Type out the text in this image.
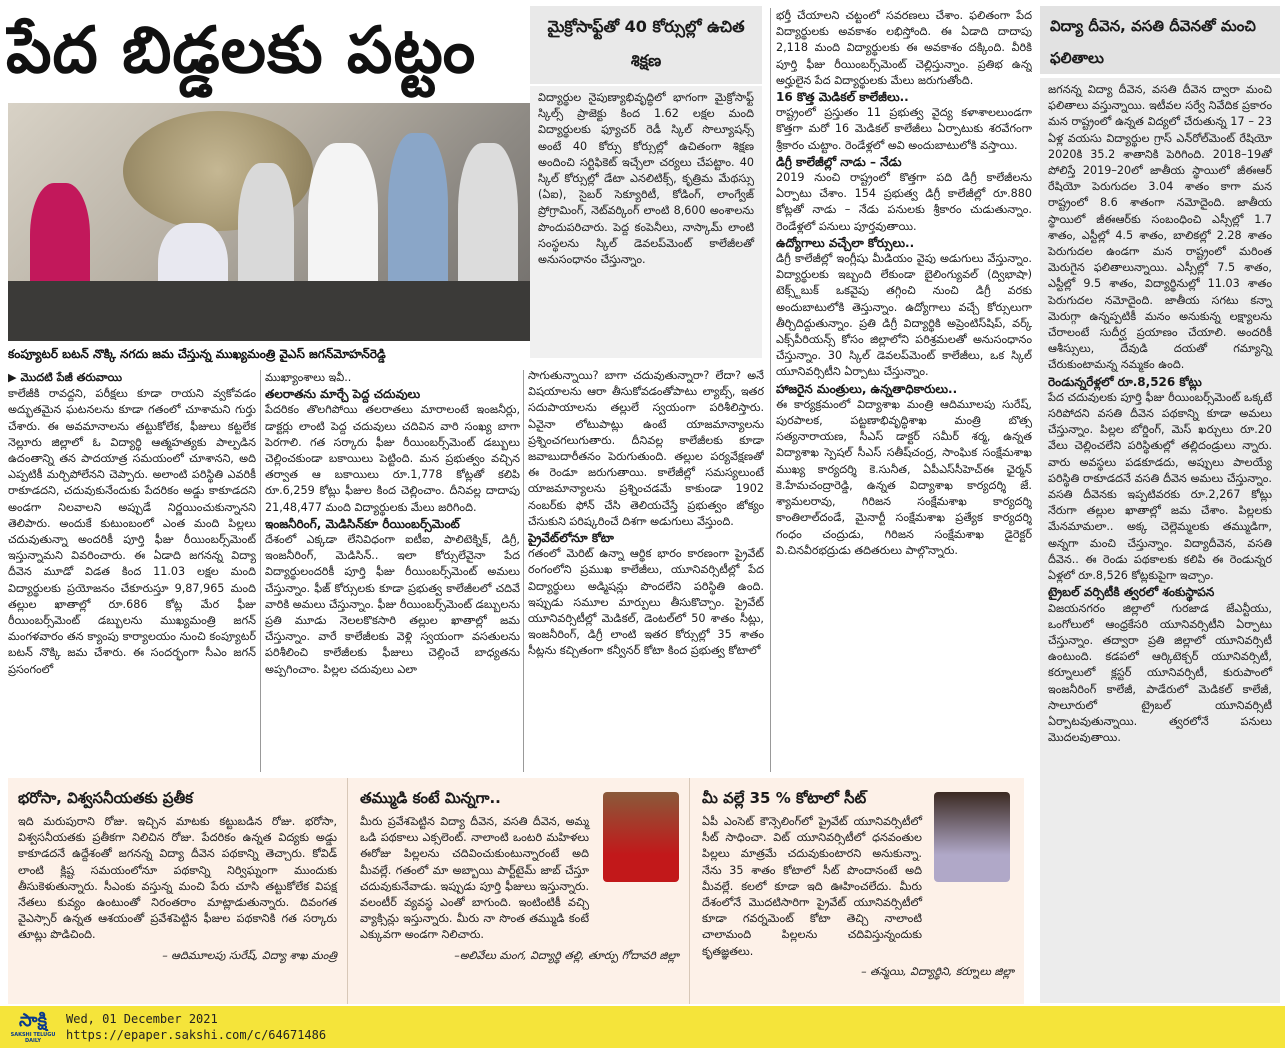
పేద బిడ్డలకు పట్టం
కంప్యూటర్ బటన్ నొక్కి నగదు జమ చేస్తున్న ముఖ్యమంత్రి వైఎస్ జగన్‌మోహన్‌రెడ్డి
▶ మొదటి పేజీ తరువాయి
కాలేజీకి రావద్దని, పరీక్షలు కూడా రాయని వ్వకోవడం అద్భుతమైన ఘటనలను కూడా గతంలో చూశామని గుర్తు చేశారు. ఈ అవమానాలను తట్టుకోలేక, ఫీజులు కట్టలేక నెల్లూరు జిల్లాలో ఓ విద్యార్థి ఆత్మహత్యకు పాల్పడిన ఉదంతాన్ని తన పాదయాత్ర సమయంలో చూశానని, అది ఎప్పటికీ మర్చిపోలేనని చెప్పారు. అలాంటి పరిస్థితి ఎవరికీ రాకూడదని, చదువుకునేందుకు పేదరికం అడ్డు కాకూడదని అండగా నిలవాలని అప్పుడే నిర్ణయించుకున్నానని తెలిపారు. అందుకే కుటుంబంలో ఎంత మంది పిల్లలు చదువుతున్నా అందరికీ పూర్తి ఫీజు రీయింబర్స్‌మెంట్ ఇస్తున్నామని వివరించారు. ఈ ఏడాది జగనన్న విద్యా దీవెన మూడో విడత కింద 11.03 లక్షల మంది విద్యార్థులకు ప్రయోజనం చేకూరుస్తూ 9,87,965 మంది తల్లుల ఖాతాల్లో రూ.686 కోట్ల మేర ఫీజు రీయింబర్స్‌మెంట్ డబ్బులను ముఖ్యమంత్రి జగన్ మంగళవారం తన క్యాంపు కార్యాలయం నుంచి కంప్యూటర్ బటన్ నొక్కి జమ చేశారు. ఈ సందర్భంగా సీఎం జగన్ ప్రసంగంలో
ముఖ్యాంశాలు ఇవీ..
తలరాతను మార్చే పెద్ద చదువులు
పేదరికం తొలగిపోయి తలరాతలు మారాలంటే ఇంజనీర్లు, డాక్టర్లు లాంటి పెద్ద చదువులు చదివిన వారి సంఖ్య బాగా పెరగాలి. గత సర్కారు ఫీజు రీయింబర్స్‌మెంట్ డబ్బులు చెల్లించకుండా బకాయిలు పెట్టింది. మన ప్రభుత్వం వచ్చిన తర్వాత ఆ బకాయిలు రూ.1,778 కోట్లతో కలిపి రూ.6,259 కోట్లు ఫీజుల కింద చెల్లించాం. దీనివల్ల దాదాపు 21,48,477 మంది విద్యార్థులకు మేలు జరిగింది.
ఇంజనీరింగ్, మెడిసిన్‌కూ రీయింబర్స్‌మెంట్
దేశంలో ఎక్కడా లేనివిధంగా ఐటీఐ, పాలిటెక్నిక్, డిగ్రీ, ఇంజనీరింగ్, మెడిసిన్.. ఇలా కోర్సులేవైనా పేద విద్యార్థులందరికీ పూర్తి ఫీజు రీయింబర్స్‌మెంట్ అమలు చేస్తున్నాం. ఫీజ్ కోర్సులకు కూడా ప్రభుత్వ కాలేజీలలో చదివే వారికి అమలు చేస్తున్నాం. ఫీజు రీయింబర్స్‌మెంట్ డబ్బులను ప్రతి మూడు నెలలకొకసారి తల్లుల ఖాతాల్లో జమ చేస్తున్నాం. వారే కాలేజీలకు వెళ్లి స్వయంగా వసతులను పరిశీలించి కాలేజీలకు ఫీజులు చెల్లించే బాధ్యతను అప్పగించాం. పిల్లల చదువులు ఎలా
మైక్రోసాఫ్ట్‌తో 40 కోర్సుల్లో ఉచిత శిక్షణ
విద్యార్థుల నైపుణ్యాభివృద్ధిలో భాగంగా మైక్రోసాఫ్ట్ స్కిల్స్ ప్రాజెక్టు కింద 1.62 లక్షల మంది విద్యార్థులకు ఫ్యూచర్ రెడీ స్కిల్ సొల్యూషన్స్ అంటే 40 కోర్సు కోర్సుల్లో ఉచితంగా శిక్షణ అందించి సర్టిఫికెట్ ఇచ్చేలా చర్యలు చేపట్టాం. 40 స్కిల్ కోర్సుల్లో డేటా ఎనలిటిక్స్, కృత్రిమ మేథస్సు (ఏఐ), సైబర్ సెక్యూరిటీ, కోడింగ్, లాంగ్వేజ్ ప్రోగ్రామింగ్, నెట్‌వర్కింగ్ లాంటి 8,600 అంశాలను పొందుపరిచారు. పెద్ద కంపెనీలు, నాస్కామ్ లాంటి సంస్థలను స్కిల్ డెవలప్‌మెంట్ కాలేజీలతో అనుసంధానం చేస్తున్నాం.
సాగుతున్నాయి? బాగా చదువుతున్నారా? లేదా? అనే విషయాలను ఆరా తీసుకోవడంతోపాటు ల్యాబ్స్, ఇతర సదుపాయాలను తల్లులే స్వయంగా పరిశీలిస్తారు. ఏవైనా లోటుపాట్లు ఉంటే యాజమాన్యాలను ప్రశ్నించగలుగుతారు. దీనివల్ల కాలేజీలకు కూడా జవాబుదారీతనం పెరుగుతుంది. తల్లుల పర్యవేక్షణతో ఈ రెండూ జరుగుతాయి. కాలేజీల్లో సమస్యలుంటే యాజమాన్యాలను ప్రశ్నించడమే కాకుండా 1902 నంబర్‌కు ఫోన్ చేసి తెలియచేస్తే ప్రభుత్వం జోక్యం చేసుకుని పరిష్కరించే దిశగా అడుగులు వేస్తుంది.
ప్రైవేట్‌లోనూ కోటా
గతంలో మెరిట్ ఉన్నా ఆర్థిక భారం కారణంగా ప్రైవేట్ రంగంలోని ప్రముఖ కాలేజీలు, యూనివర్సిటీల్లో పేద విద్యార్థులు అడ్మిషన్లు పొందలేని పరిస్థితి ఉంది. ఇప్పుడు సమూల మార్పులు తీసుకొచ్చాం. ప్రైవేట్ యూనివర్సిటీల్లో మెడికల్, డెంటల్‌లో 50 శాతం సీట్లు, ఇంజనీరింగ్, డిగ్రీ లాంటి ఇతర కోర్సుల్లో 35 శాతం సీట్లను కచ్చితంగా కన్వీనర్ కోటా కింద ప్రభుత్వ కోటాలో
భర్తీ చేయాలని చట్టంలో సవరణలు చేశాం. ఫలితంగా పేద విద్యార్థులకు అవకాశం లభిస్తోంది. ఈ ఏడాది దాదాపు 2,118 మంది విద్యార్థులకు ఈ అవకాశం దక్కింది. వీరికి పూర్తి ఫీజు రీయింబర్స్‌మెంట్ చెల్లిస్తున్నాం. ప్రతిభ ఉన్న అర్హులైన పేద విద్యార్థులకు మేలు జరుగుతోంది.
16 కొత్త మెడికల్ కాలేజీలు..
రాష్ట్రంలో ప్రస్తుతం 11 ప్రభుత్వ వైద్య కళాశాలలుండగా కొత్తగా మరో 16 మెడికల్ కాలేజీలు ఏర్పాటుకు శరవేగంగా శ్రీకారం చుట్టాం. రెండేళ్లలో అవి అందుబాటులోకి వస్తాయి.
డిగ్రీ కాలేజీల్లో నాడు – నేడు
2019 నుంచి రాష్ట్రంలో కొత్తగా పది డిగ్రీ కాలేజీలను ఏర్పాటు చేశాం. 154 ప్రభుత్వ డిగ్రీ కాలేజీల్లో రూ.880 కోట్లతో నాడు – నేడు పనులకు శ్రీకారం చుడుతున్నాం. రెండేళ్లలో పనులు పూర్తవుతాయి.
ఉద్యోగాలు వచ్చేలా కోర్సులు..
డిగ్రీ కాలేజీల్లో ఇంగ్లీషు మీడియం వైపు అడుగులు వేస్తున్నాం. విద్యార్థులకు ఇబ్బంది లేకుండా బైలింగ్యువల్ (ద్విభాషా) టెక్స్ట్‌బుక్ ఒకవైపు తగ్గించి నుంచి డిగ్రీ వరకు అందుబాటులోకి తెస్తున్నాం. ఉద్యోగాలు వచ్చే కోర్సులుగా తీర్చిదిద్దుతున్నాం. ప్రతి డిగ్రీ విద్యార్థికి అప్రెంటిస్‌షిప్, వర్క్ ఎక్స్‌పీరియన్స్ కోసం జిల్లాలోని పరిశ్రమలతో అనుసంధానం చేస్తున్నాం. 30 స్కిల్ డెవలప్‌మెంట్ కాలేజీలు, ఒక స్కిల్ యూనివర్సిటీని ఏర్పాటు చేస్తున్నాం.
హాజరైన మంత్రులు, ఉన్నతాధికారులు..
ఈ కార్యక్రమంలో విద్యాశాఖ మంత్రి ఆదిమూలపు సురేష్, పురపాలక, పట్టణాభివృద్ధిశాఖ మంత్రి బొత్స సత్యనారాయణ, సీఎస్ డాక్టర్ సమీర్ శర్మ, ఉన్నత విద్యాశాఖ స్పెషల్ సీఎస్ సతీష్‌చంద్ర, సాంఘిక సంక్షేమశాఖ ముఖ్య కార్యదర్శి కె.సునీత, ఏపీఎస్‌సీహెచ్‌ఈ ఛైర్మన్ కె.హేమచంద్రారెడ్డి, ఉన్నత విద్యాశాఖ కార్యదర్శి జే. శ్యామలరావు, గిరిజన సంక్షేమశాఖ కార్యదర్శి కాంతిలాల్‌దండే, మైనార్టీ సంక్షేమశాఖ ప్రత్యేక కార్యదర్శి గంధం చంద్రుడు, గిరిజన సంక్షేమశాఖ డైరెక్టర్ వి.చినవీరభద్రుడు తదితరులు పాల్గొన్నారు.
విద్యా దీవెన, వసతి దీవెనతో మంచి ఫలితాలు
జగనన్న విద్యా దీవెన, వసతి దీవెన ద్వారా మంచి ఫలితాలు వస్తున్నాయి. ఇటీవల సర్వే నివేదిక ప్రకారం మన రాష్ట్రంలో ఉన్నత విద్యలో చేరుతున్న 17 – 23 ఏళ్ల వయసు విద్యార్థుల గ్రాస్ ఎన్‌రోల్‌మెంట్ రేషియో 2020కి 35.2 శాతానికి పెరిగింది. 2018–19తో పోలిస్తే 2019–20లో జాతీయ స్థాయిలో జీఈఆర్ రేషియో పెరుగుదల 3.04 శాతం కాగా మన రాష్ట్రంలో 8.6 శాతంగా నమోదైంది. జాతీయ స్థాయిలో జీఈఆర్‌కు సంబంధించి ఎస్సీల్లో 1.7 శాతం, ఎస్టీల్లో 4.5 శాతం, బాలికల్లో 2.28 శాతం పెరుగుదల ఉండగా మన రాష్ట్రంలో మరింత మెరుగైన ఫలితాలున్నాయి. ఎస్సీల్లో 7.5 శాతం, ఎస్టీల్లో 9.5 శాతం, విద్యార్థినుల్లో 11.03 శాతం పెరుగుదల నమోదైంది. జాతీయ సగటు కన్నా మెరుగ్గా ఉన్నప్పటికీ మనం అనుకున్న లక్ష్యాలను చేరాలంటే సుదీర్ఘ ప్రయాణం చేయాలి. అందరికీ ఆశీస్సులు, దేవుడి దయతో గమ్యాన్ని చేరుకుంటామన్న నమ్మకం ఉంది.
రెండున్నరేళ్లలో రూ.8,526 కోట్లు
పేద చదువులకు పూర్తి ఫీజు రీయింబర్స్‌మెంట్ ఒక్కటే సరిపోదని వసతి దీవెన పథకాన్ని కూడా అమలు చేస్తున్నాం. పిల్లల బోర్డింగ్, మెస్ ఖర్చులు రూ.20 వేలు చెల్లించలేని పరిస్థితుల్లో తల్లిదండ్రులు న్నారు. వారు అవస్థలు పడకూడదు, అప్పులు పాలయ్యే పరిస్థితి రాకూడదనే వసతి దీవెన అమలు చేస్తున్నాం. వసతి దీవెనకు ఇప్పటివరకు రూ.2,267 కోట్లు నేరుగా తల్లుల ఖాతాల్లో జమ చేశాం. పిల్లలకు మేనమామలా.. అక్క చెల్లెమ్మలకు తమ్ముడిగా, అన్నగా మంచి చేస్తున్నాం. విద్యాదీవెన, వసతి దీవెన.. ఈ రెండు పథకాలకు కలిపి ఈ రెండున్నర ఏళ్లలో రూ.8,526 కోట్లకుపైగా ఇచ్చాం.
ట్రైబల్ వర్సిటీకి త్వరలో శంకుస్థాపన
విజయనగరం జిల్లాలో గురజాడ జేఎన్టీయు, ఒంగోలులో ఆంధ్రకేసరి యూనివర్సిటీని ఏర్పాటు చేస్తున్నాం. తద్వారా ప్రతి జిల్లాలో యూనివర్సిటీ ఉంటుంది. కడపలో ఆర్కిటెక్చర్ యూనివర్సిటీ, కర్నూలులో క్లస్టర్ యూనివర్సిటీ, కురుపాంలో ఇంజనీరింగ్ కాలేజీ, పాడేరులో మెడికల్ కాలేజీ, సాలూరులో ట్రైబల్ యూనివర్సిటీ ఏర్పాటవుతున్నాయి. త్వరలోనే పనులు మొదలవుతాయి.
భరోసా, విశ్వసనీయతకు ప్రతీక
ఇది మరుపురాని రోజు. ఇచ్చిన మాటకు కట్టుబడిన రోజు. భరోసా, విశ్వసనీయతకు ప్రతీకగా నిలిచిన రోజు. పేదరికం ఉన్నత విద్యకు అడ్డు కాకూడదనే ఉద్దేశంతో జగనన్న విద్యా దీవెన పథకాన్ని తెచ్చారు. కోవిడ్ లాంటి క్లిష్ట సమయంలోనూ పథకాన్ని నిర్విఘ్నంగా ముందుకు తీసుకెళుతున్నారు. సీఎంకు వస్తున్న మంచి పేరు చూసి తట్టుకోలేక విపక్ష నేతలు కువ్యం ఉంటుంతో నిరంతరాం మాట్లాడుతున్నారు. దివంగత వైఎస్సార్ ఉన్నత ఆశయంతో ప్రవేశపెట్టిన ఫీజుల పథకానికి గత సర్కారు తూట్లు పొడిచింది.
– ఆదిమూలపు సురేష్, విద్యా శాఖ మంత్రి
తమ్ముడి కంటే మిన్నగా..
మీరు ప్రవేశపెట్టిన విద్యా దీవెన, వసతి దీవెన, అమ్మ ఒడి పథకాలు ఎక్సలెంట్. నాలాంటి ఒంటరి మహిళలు ఈరోజు పిల్లలను చదివించుకుంటున్నారంటే అది మీవల్లే. గతంలో మా అబ్బాయి పార్ట్‌టైమ్ జాబ్ చేస్తూ చదువుకునేవాడు. ఇప్పుడు పూర్తి ఫీజులు ఇస్తున్నారు. వలంటీర్ వ్యవస్థ ఎంతో బాగుంది. ఇంటింటికీ వచ్చి వ్యాక్సిన్లు ఇస్తున్నారు. మీరు నా సొంత తమ్ముడి కంటే ఎక్కువగా అండగా నిలిచారు.
–అలివేలు మంగ, విద్యార్థి తల్లి, తూర్పు గోదావరి జిల్లా
మీ వల్లే 35 % కోటాలో సీట్
ఏపీ ఎంసెట్ కౌన్సెలింగ్‌లో ప్రైవేట్ యూనివర్సిటీలో సీట్ సాధించా. విట్ యూనివర్సిటీలో ధనవంతుల పిల్లలు మాత్రమే చదువుకుంటారని అనుకున్నా. నేను 35 శాతం కోటాలో సీట్ పొందానంటే అది మీవల్లే. కలలో కూడా ఇది ఊహించలేదు. మీరు దేశంలోనే మొదటిసారిగా ప్రైవేట్ యూనివర్సిటీలో కూడా గవర్నమెంట్ కోటా తెచ్చి నాలాంటి చాలామంది పిల్లలను చదివిస్తున్నందుకు కృతజ్ఞతలు.
– తన్మయి, విద్యార్థిని, కర్నూలు జిల్లా
సాక్షి
SAKSHI TELUGU DAILY
Wed, 01 December 2021
https://epaper.sakshi.com/c/64671486
